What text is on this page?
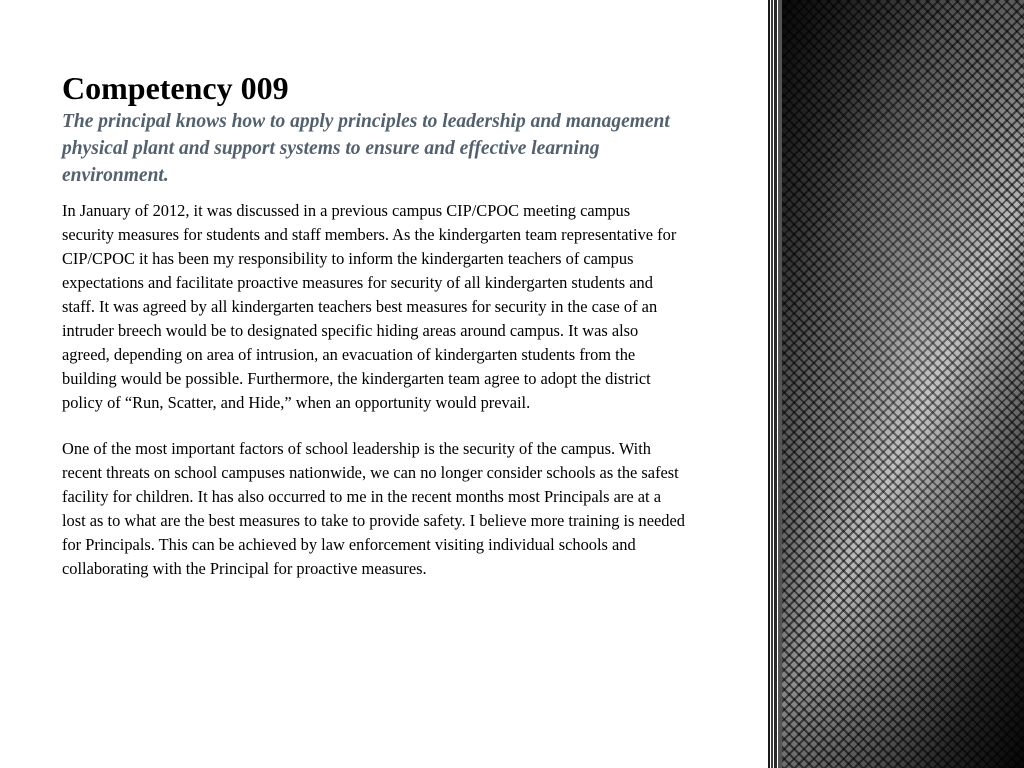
Competency 009

The principal knows how to apply principles to leadership and management physical plant and support systems to ensure and effective learning environment.

In January of 2012, it was discussed in a previous campus CIP/CPOC meeting campus security measures for students and staff members. As the kindergarten team representative for CIP/CPOC it has been my responsibility to inform the kindergarten teachers of campus expectations and facilitate proactive measures for security of all kindergarten students and staff. It was agreed by all kindergarten teachers best measures for security in the case of an intruder breech would be to designated specific hiding areas around campus. It was also agreed, depending on area of intrusion, an evacuation of kindergarten students from the building would be possible. Furthermore, the kindergarten team agree to adopt the district policy of “Run, Scatter, and Hide,” when an opportunity would prevail.

One of the most important factors of school leadership is the security of the campus. With recent threats on school campuses nationwide, we can no longer consider schools as the safest facility for children. It has also occurred to me in the recent months most Principals are at a lost as to what are the best measures to take to provide safety. I believe more training is needed for Principals. This can be achieved by law enforcement visiting individual schools and collaborating with the Principal for proactive measures.
